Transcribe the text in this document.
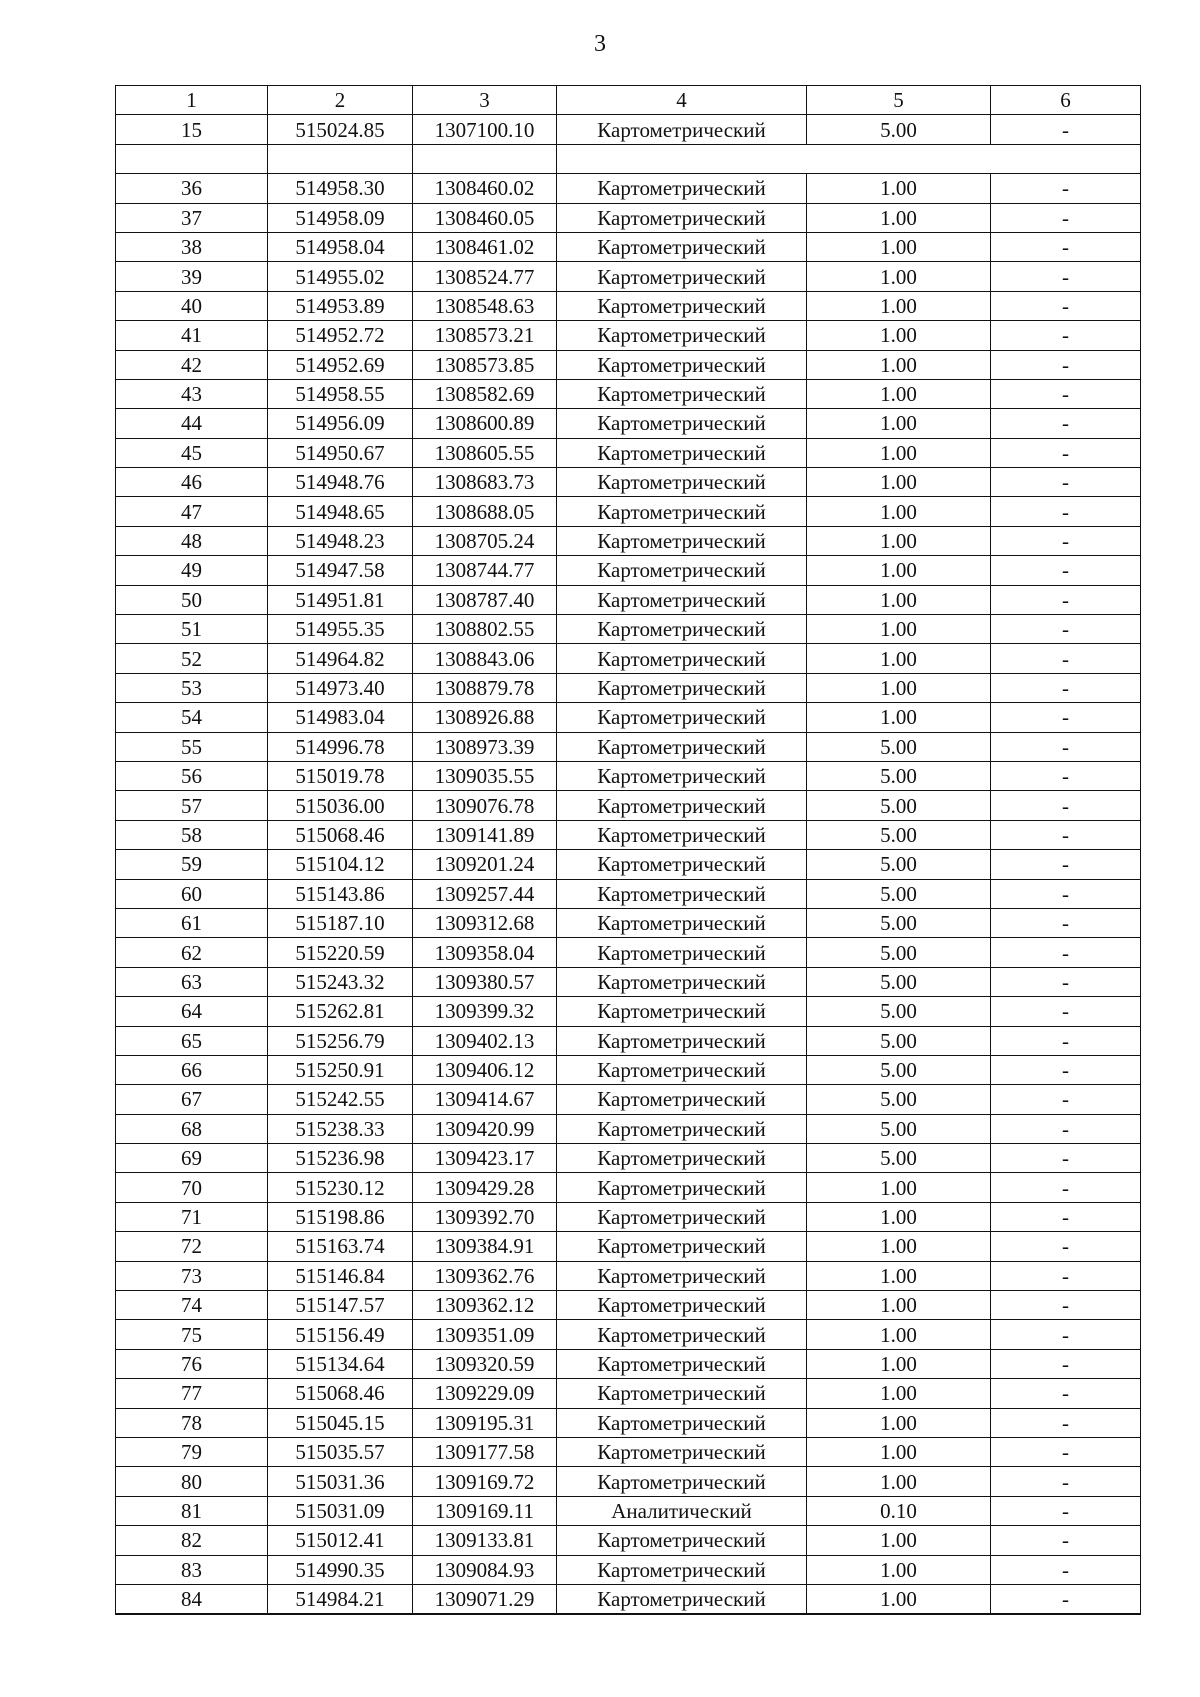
3
1	2	3	4	5	6
15	515024.85	1307100.10	Картометрический	5.00	-

36	514958.30	1308460.02	Картометрический	1.00	-
37	514958.09	1308460.05	Картометрический	1.00	-
38	514958.04	1308461.02	Картометрический	1.00	-
39	514955.02	1308524.77	Картометрический	1.00	-
40	514953.89	1308548.63	Картометрический	1.00	-
41	514952.72	1308573.21	Картометрический	1.00	-
42	514952.69	1308573.85	Картометрический	1.00	-
43	514958.55	1308582.69	Картометрический	1.00	-
44	514956.09	1308600.89	Картометрический	1.00	-
45	514950.67	1308605.55	Картометрический	1.00	-
46	514948.76	1308683.73	Картометрический	1.00	-
47	514948.65	1308688.05	Картометрический	1.00	-
48	514948.23	1308705.24	Картометрический	1.00	-
49	514947.58	1308744.77	Картометрический	1.00	-
50	514951.81	1308787.40	Картометрический	1.00	-
51	514955.35	1308802.55	Картометрический	1.00	-
52	514964.82	1308843.06	Картометрический	1.00	-
53	514973.40	1308879.78	Картометрический	1.00	-
54	514983.04	1308926.88	Картометрический	1.00	-
55	514996.78	1308973.39	Картометрический	5.00	-
56	515019.78	1309035.55	Картометрический	5.00	-
57	515036.00	1309076.78	Картометрический	5.00	-
58	515068.46	1309141.89	Картометрический	5.00	-
59	515104.12	1309201.24	Картометрический	5.00	-
60	515143.86	1309257.44	Картометрический	5.00	-
61	515187.10	1309312.68	Картометрический	5.00	-
62	515220.59	1309358.04	Картометрический	5.00	-
63	515243.32	1309380.57	Картометрический	5.00	-
64	515262.81	1309399.32	Картометрический	5.00	-
65	515256.79	1309402.13	Картометрический	5.00	-
66	515250.91	1309406.12	Картометрический	5.00	-
67	515242.55	1309414.67	Картометрический	5.00	-
68	515238.33	1309420.99	Картометрический	5.00	-
69	515236.98	1309423.17	Картометрический	5.00	-
70	515230.12	1309429.28	Картометрический	1.00	-
71	515198.86	1309392.70	Картометрический	1.00	-
72	515163.74	1309384.91	Картометрический	1.00	-
73	515146.84	1309362.76	Картометрический	1.00	-
74	515147.57	1309362.12	Картометрический	1.00	-
75	515156.49	1309351.09	Картометрический	1.00	-
76	515134.64	1309320.59	Картометрический	1.00	-
77	515068.46	1309229.09	Картометрический	1.00	-
78	515045.15	1309195.31	Картометрический	1.00	-
79	515035.57	1309177.58	Картометрический	1.00	-
80	515031.36	1309169.72	Картометрический	1.00	-
81	515031.09	1309169.11	Аналитический	0.10	-
82	515012.41	1309133.81	Картометрический	1.00	-
83	514990.35	1309084.93	Картометрический	1.00	-
84	514984.21	1309071.29	Картометрический	1.00	-
